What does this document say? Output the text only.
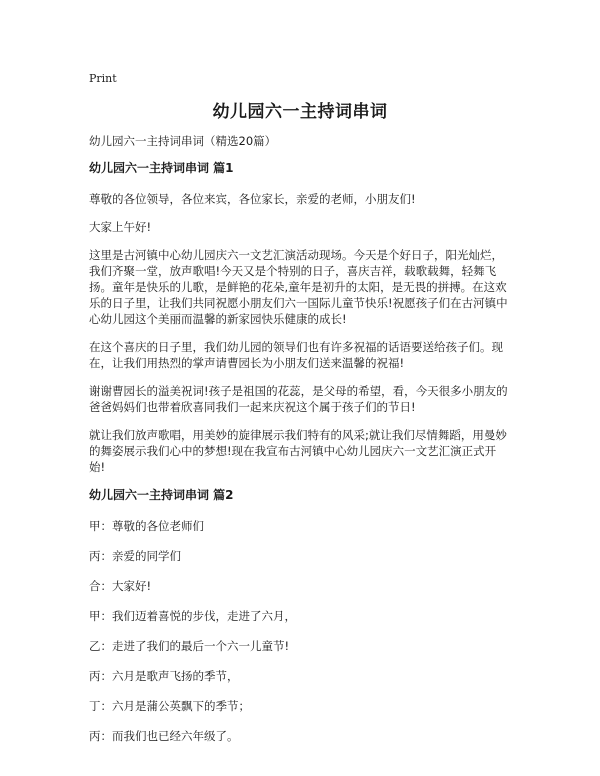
Print
幼儿园六一主持词串词

幼儿园六一主持词串词（精选20篇）

幼儿园六一主持词串词 篇1

尊敬的各位领导，各位来宾，各位家长，亲爱的老师，小朋友们!

大家上午好!

这里是古河镇中心幼儿园庆六一文艺汇演活动现场。今天是个好日子，阳光灿烂，我们齐聚一堂，放声歌唱!今天又是个特别的日子，喜庆吉祥，载歌载舞，轻舞飞扬。童年是快乐的儿歌，是鲜艳的花朵,童年是初升的太阳，是无畏的拼搏。在这欢乐的日子里，让我们共同祝愿小朋友们六一国际儿童节快乐!祝愿孩子们在古河镇中心幼儿园这个美丽而温馨的新家园快乐健康的成长!

在这个喜庆的日子里，我们幼儿园的领导们也有许多祝福的话语要送给孩子们。现在，让我们用热烈的掌声请曹园长为小朋友们送来温馨的祝福!

谢谢曹园长的溢美祝词!孩子是祖国的花蕊，是父母的希望，看，今天很多小朋友的爸爸妈妈们也带着欣喜同我们一起来庆祝这个属于孩子们的节日!

就让我们放声歌唱，用美妙的旋律展示我们特有的风采;就让我们尽情舞蹈，用曼妙的舞姿展示我们心中的梦想!现在我宣布古河镇中心幼儿园庆六一文艺汇演正式开始!

幼儿园六一主持词串词 篇2

甲：尊敬的各位老师们

丙：亲爱的同学们

合：大家好!

甲：我们迈着喜悦的步伐，走进了六月，

乙：走进了我们的最后一个六一儿童节!

丙：六月是歌声飞扬的季节，

丁：六月是蒲公英飘下的季节；

丙：而我们也已经六年级了。
